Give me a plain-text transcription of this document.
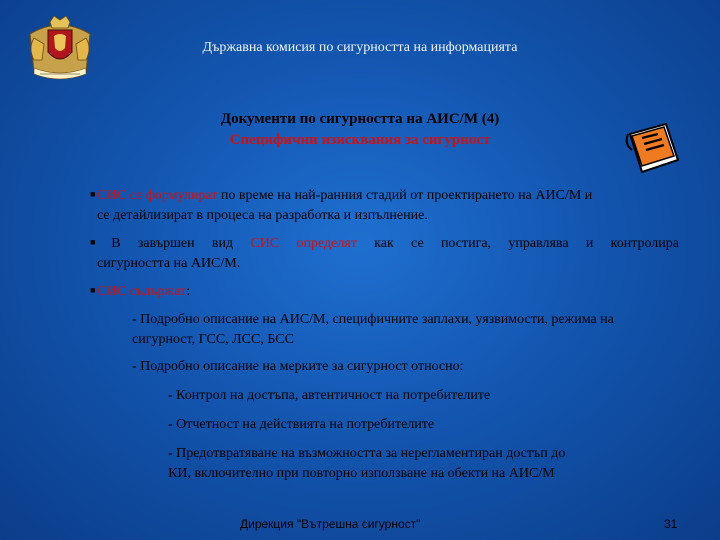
Държавна комисия по сигурността на информацията
Документи по сигурността на АИС/М (4)
Специфични изисквания за сигурност
■ СИС се формулират по време на най-ранния стадий от проектирането на АИС/М и
се детайлизират в процеса на разработка и изпълнение.
■ В завършен вид СИС определят как се постига, управлява и контролира
сигурността на АИС/М.
■ СИС съдържат:
- Подробно описание на АИС/М, специфичните заплахи, уязвимости, режима на
сигурност, ГСС, ЛСС, БСС
- Подробно описание на мерките за сигурност относно:
- Контрол на достъпа, автентичност на потребителите
- Отчетност на действията на потребителите
- Предотвратяване на възможността за нерегламентиран достъп до
КИ, включително при повторно използване на обекти на АИС/М
Дирекция "Вътрешна сигурност"	31
